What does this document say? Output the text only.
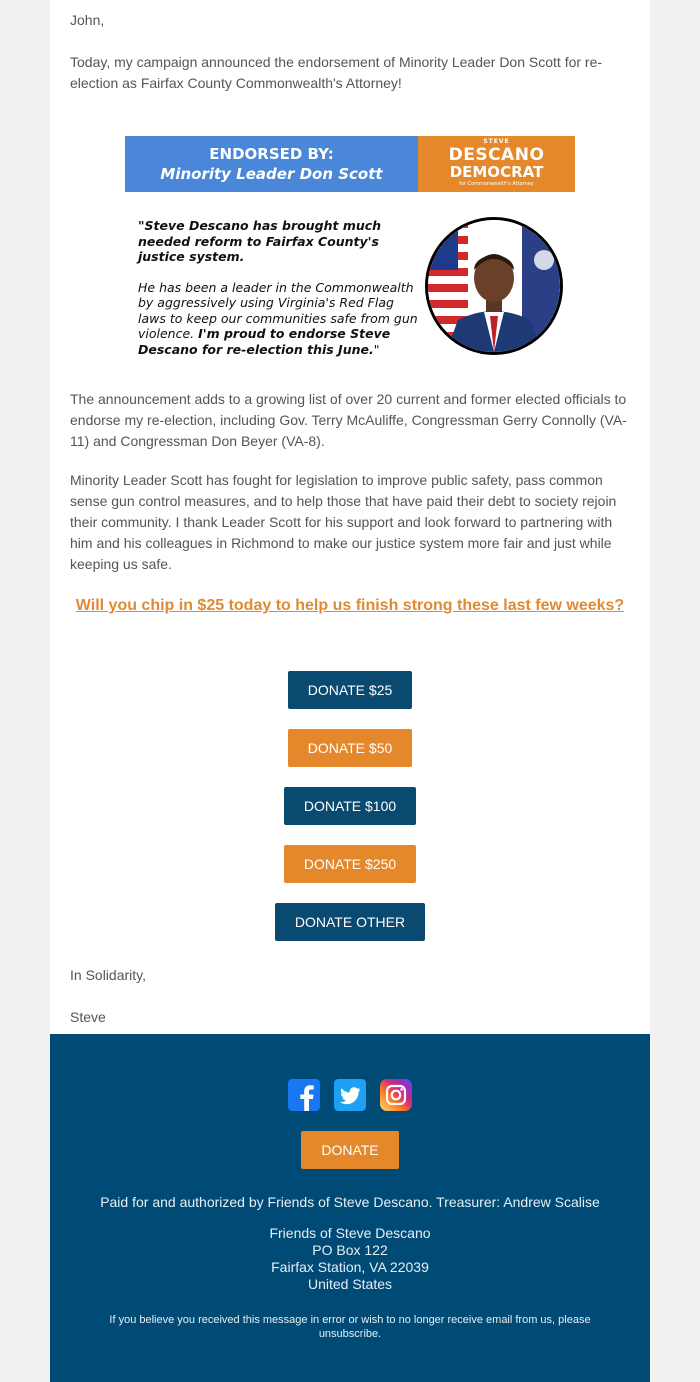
John,

Today, my campaign announced the endorsement of Minority Leader Don Scott for re-election as Fairfax County Commonwealth's Attorney!

ENDORSED BY:
Minority Leader Don Scott
STEVE
DESCANO
DEMOCRAT
for Commonwealth's Attorney

"Steve Descano has brought much needed reform to Fairfax County's justice system.

He has been a leader in the Commonwealth by aggressively using Virginia's Red Flag laws to keep our communities safe from gun violence. I'm proud to endorse Steve Descano for re-election this June."

The announcement adds to a growing list of over 20 current and former elected officials to endorse my re-election, including Gov. Terry McAuliffe, Congressman Gerry Connolly (VA-11) and Congressman Don Beyer (VA-8).

Minority Leader Scott has fought for legislation to improve public safety, pass common sense gun control measures, and to help those that have paid their debt to society rejoin their community. I thank Leader Scott for his support and look forward to partnering with him and his colleagues in Richmond to make our justice system more fair and just while keeping us safe.

Will you chip in $25 today to help us finish strong these last few weeks?
DONATE $25
DONATE $50
DONATE $100
DONATE $250
DONATE OTHER

In Solidarity,

Steve

DONATE
Paid for and authorized by Friends of Steve Descano. Treasurer: Andrew Scalise
Friends of Steve Descano
PO Box 122
Fairfax Station, VA 22039
United States
If you believe you received this message in error or wish to no longer receive email from us, please unsubscribe.
